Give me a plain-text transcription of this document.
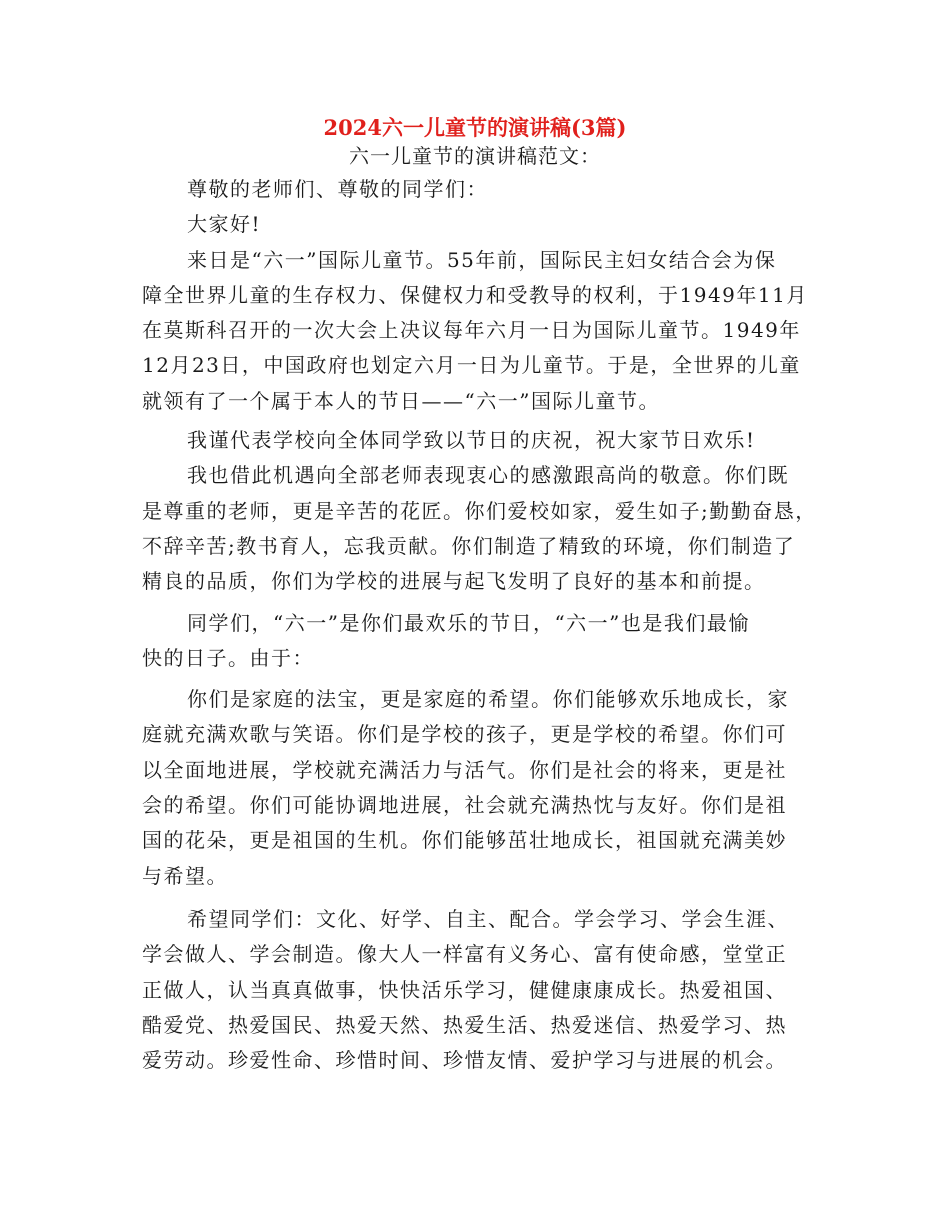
2024六一儿童节的演讲稿(3篇)
六一儿童节的演讲稿范文：
尊敬的老师们、尊敬的同学们：
大家好!
来日是“六一”国际儿童节。55年前，国际民主妇女结合会为保
障全世界儿童的生存权力、保健权力和受教导的权利，于1949年11月
在莫斯科召开的一次大会上决议每年六月一日为国际儿童节。1949年
12月23日，中国政府也划定六月一日为儿童节。于是，全世界的儿童
就领有了一个属于本人的节日——“六一”国际儿童节。
我谨代表学校向全体同学致以节日的庆祝，祝大家节日欢乐!
我也借此机遇向全部老师表现衷心的感激跟高尚的敬意。你们既
是尊重的老师，更是辛苦的花匠。你们爱校如家，爱生如子;勤勤奋恳，
不辞辛苦;教书育人，忘我贡献。你们制造了精致的环境，你们制造了
精良的品质，你们为学校的进展与起飞发明了良好的基本和前提。
同学们，“六一”是你们最欢乐的节日，“六一”也是我们最愉
快的日子。由于：
你们是家庭的法宝，更是家庭的希望。你们能够欢乐地成长，家
庭就充满欢歌与笑语。你们是学校的孩子，更是学校的希望。你们可
以全面地进展，学校就充满活力与活气。你们是社会的将来，更是社
会的希望。你们可能协调地进展，社会就充满热忱与友好。你们是祖
国的花朵，更是祖国的生机。你们能够茁壮地成长，祖国就充满美妙
与希望。
希望同学们：文化、好学、自主、配合。学会学习、学会生涯、
学会做人、学会制造。像大人一样富有义务心、富有使命感，堂堂正
正做人，认当真真做事，快快活乐学习，健健康康成长。热爱祖国、
酷爱党、热爱国民、热爱天然、热爱生活、热爱迷信、热爱学习、热
爱劳动。珍爱性命、珍惜时间、珍惜友情、爱护学习与进展的机会。
